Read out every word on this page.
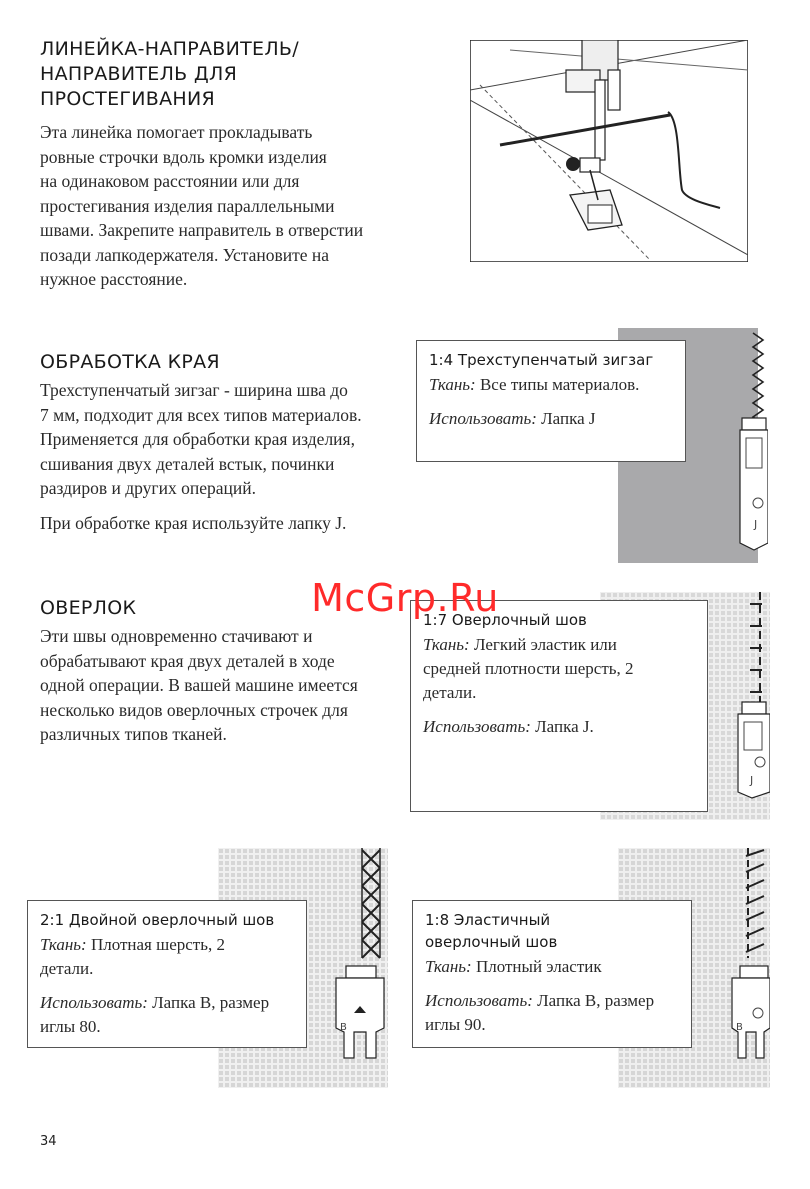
ЛИНЕЙКА-НАПРАВИТЕЛЬ/
НАПРАВИТЕЛЬ ДЛЯ
ПРОСТЕГИВАНИЯ

Эта линейка помогает прокладывать

ровные строчки вдоль кромки изделия

на одинаковом расстоянии или для

простегивания изделия параллельными

швами. Закрепите направитель в отверстии

позади лапкодержателя. Установите на

нужное расстояние.

ОБРАБОТКА КРАЯ

Трехступенчатый зигзаг - ширина шва до

7 мм, подходит для всех типов материалов.

Применяется для обработки края изделия,

сшивания двух деталей встык, починки

раздиров и других операций.

При обработке края используйте лапку J.	J
1:4 Трехступенчатый зигзаг
Ткань: Все типы материалов.
Использовать: Лапка J
ОВЕРЛОК

Эти швы одновременно стачивают и

обрабатывают края двух деталей в ходе

одной операции. В вашей машине имеется

несколько видов оверлочных строчек для

различных типов тканей.

J
1:7 Оверлочный шов
Ткань: Легкий эластик или
средней плотности шерсть, 2
детали.
Использовать: Лапка J.
B
2:1 Двойной оверлочный шов
Ткань: Плотная шерсть, 2
детали.
Использовать: Лапка В, размер
иглы 80.	B
1:8 Эластичный
оверлочный шов
Ткань: Плотный эластик
Использовать: Лапка В, размер
иглы 90.
McGrp.Ru
34
